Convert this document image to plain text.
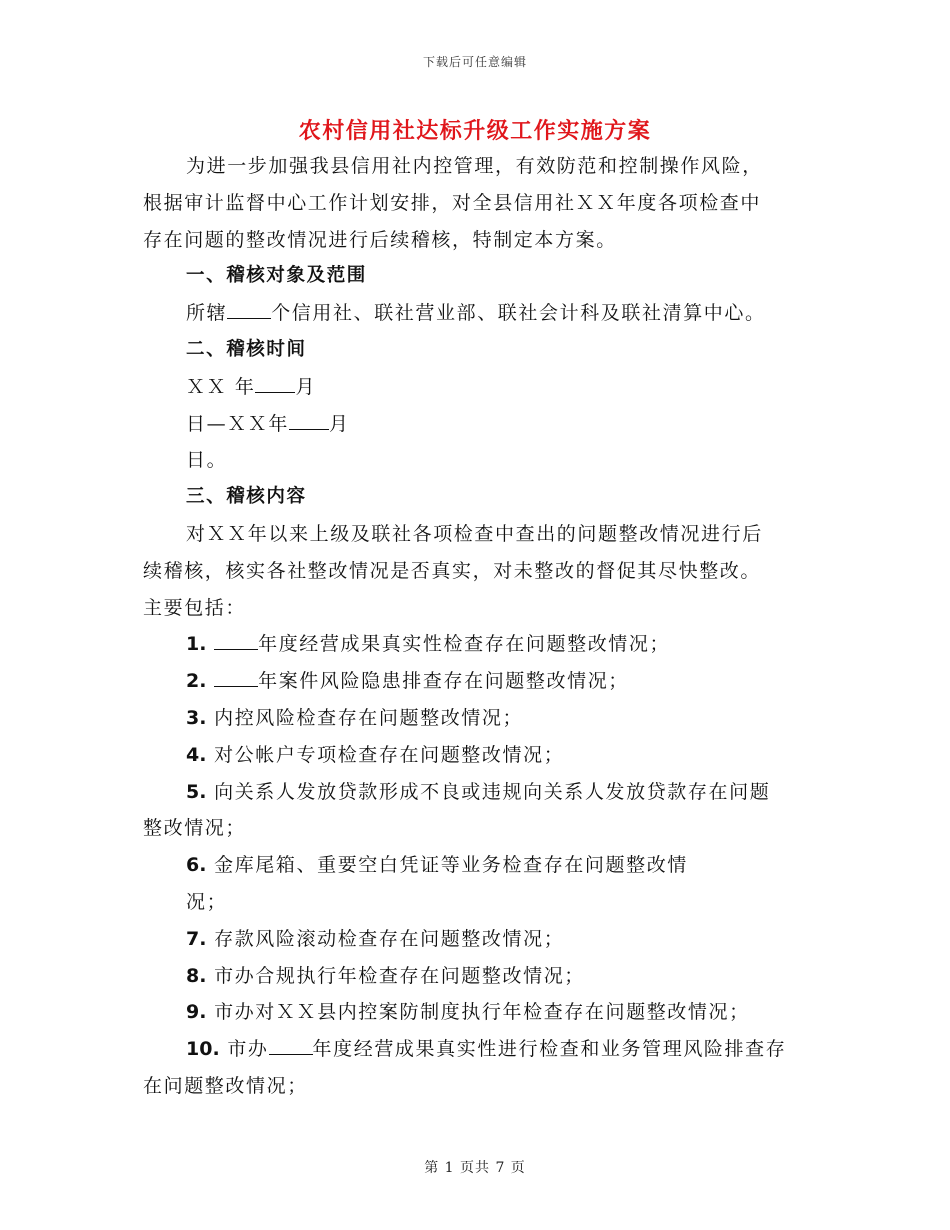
下载后可任意编辑
农村信用社达标升级工作实施方案
为进一步加强我县信用社内控管理，有效防范和控制操作风险，
根据审计监督中心工作计划安排，对全县信用社ＸＸ年度各项检查中
存在问题的整改情况进行后续稽核，特制定本方案。
一、稽核对象及范围
所辖 个信用社、联社营业部、联社会计科及联社清算中心。
二、稽核时间
ＸＸ 年 月
日—ＸＸ年 月
日。
三、稽核内容
对ＸＸ年以来上级及联社各项检查中查出的问题整改情况进行后
续稽核，核实各社整改情况是否真实，对未整改的督促其尽快整改。
主要包括：
1.	年度经营成果真实性检查存在问题整改情况；
2.	年案件风险隐患排查存在问题整改情况；
3. 内控风险检查存在问题整改情况；
4. 对公帐户专项检查存在问题整改情况；
5. 向关系人发放贷款形成不良或违规向关系人发放贷款存在问题
整改情况；
6. 金库尾箱、重要空白凭证等业务检查存在问题整改情
况；
7. 存款风险滚动检查存在问题整改情况；
8. 市办合规执行年检查存在问题整改情况；
9. 市办对ＸＸ县内控案防制度执行年检查存在问题整改情况；
10. 市办 年度经营成果真实性进行检查和业务管理风险排查存
在问题整改情况；
第 1 页共 7 页
